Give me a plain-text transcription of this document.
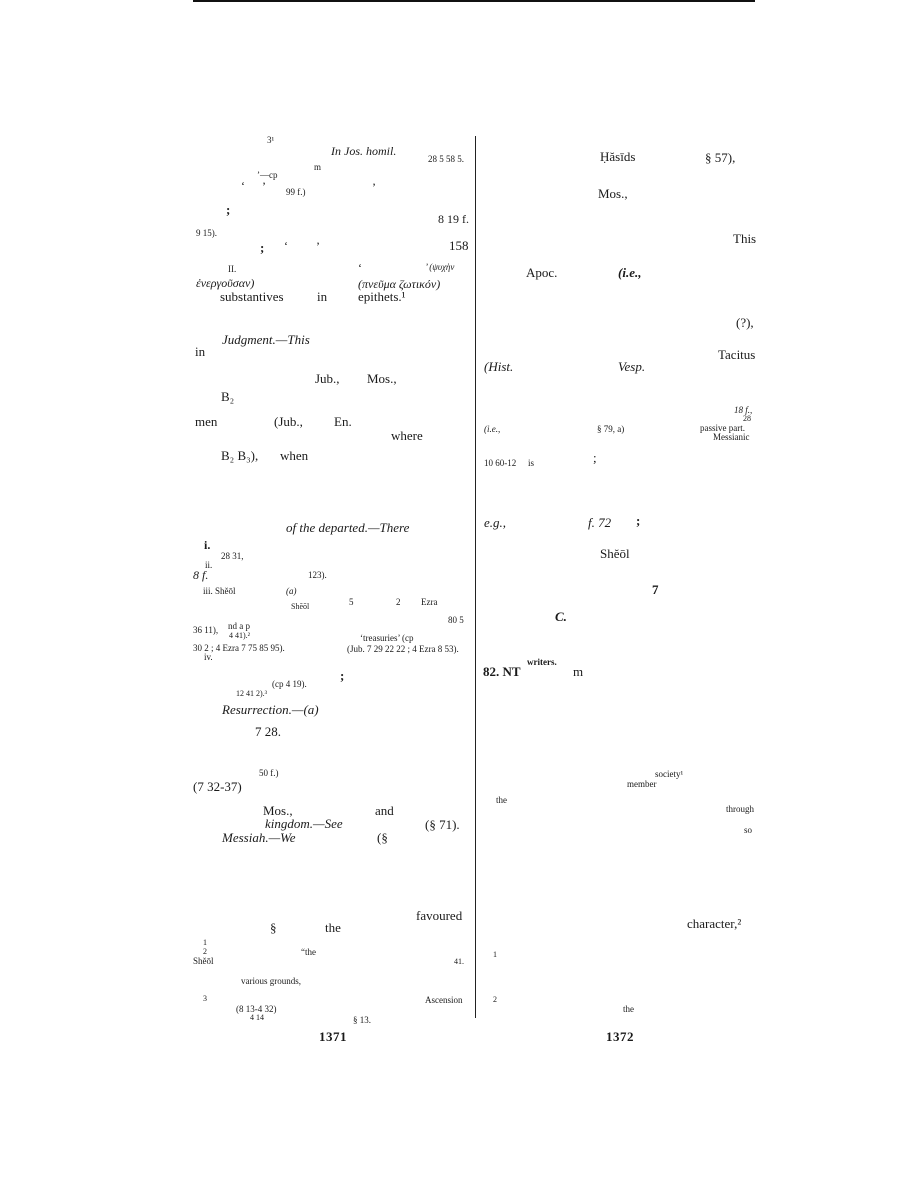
3¹
In Jos. homil.
28 5 58 5.
’—cp
m
‘ ’	’
99 f.)
;
8 19 f.
9 15).
; ‘ ’	158
II.	‘	’ (ψυχὴν
ἐνεργοῦσαν)	(πνεῦμα ζωτικόν)
substantives	in epithets.¹
Judgment.—This
in
Jub., Mos.,
B₂
men	(Jub., En.
where
B₂ B₃), when
of the departed.—There
i.
28 31,
ii.
8 f.	123).
iii. Shĕōl	(a)
Shĕōl	5	2 Ezra
80 5
36 11), nd a p
4 41).²	‘treasuries’ (cp
30 2 ; 4 Ezra 7 75 85 95).	(Jub. 7 29 22 22 ; 4 Ezra 8 53).
iv.
;
(cp 4 19).
12 41 2).³
Resurrection.—(a)
7 28.
50 f.)
(7 32-37)
Mos.,	and
kingdom.—See	(§ 71).
Messiah.—We	(§
favoured
§	the
1
2	“the
Shĕōl	41.
various grounds,
3	Ascension
(8 13-4 32)
4 14	§ 13.
Ḥăsīds	§ 57),
Mos.,
This
Apoc.	(i.e.,
(?),
Tacitus
(Hist.	Vesp.
18 f.,
28
(i.e.,	§ 79, a)	passive part.
Messianic
10 60-12 is	;
e.g.,	f. 72 ;
Shĕōl
7
C.
82. NT
writers.
m
society¹
member
the
through
so
character,²
1
2
the
1371	1372
